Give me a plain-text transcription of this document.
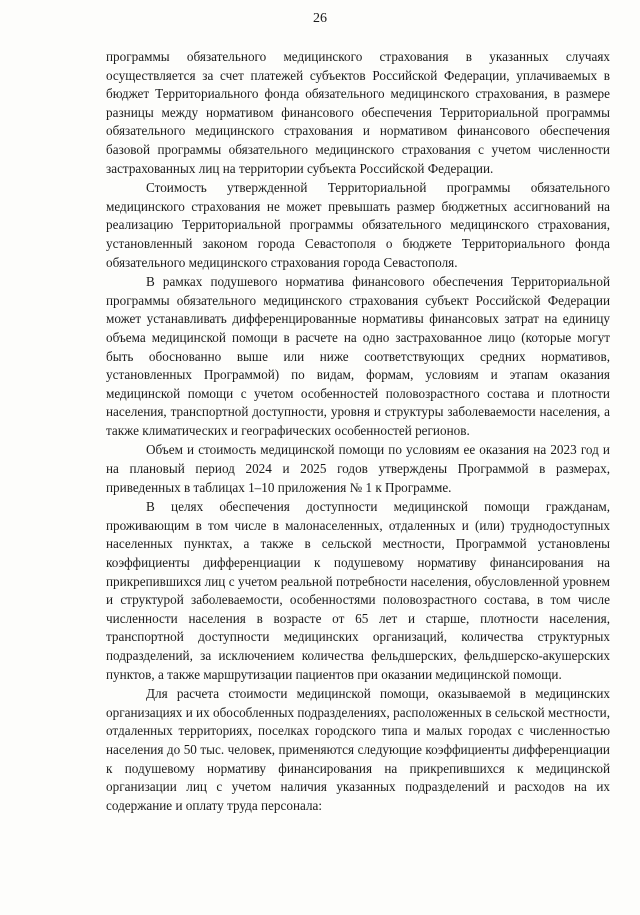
26

программы обязательного медицинского страхования в указанных случаях осуществляется за счет платежей субъектов Российской Федерации, уплачиваемых в бюджет Территориального фонда обязательного медицинского страхования, в размере разницы между нормативом финансового обеспечения Территориальной программы обязательного медицинского страхования и нормативом финансового обеспечения базовой программы обязательного медицинского страхования с учетом численности застрахованных лиц на территории субъекта Российской Федерации.

Стоимость утвержденной Территориальной программы обязательного медицинского страхования не может превышать размер бюджетных ассигнований на реализацию Территориальной программы обязательного медицинского страхования, установленный законом города Севастополя о бюджете Территориального фонда обязательного медицинского страхования города Севастополя.

В рамках подушевого норматива финансового обеспечения Территориальной программы обязательного медицинского страхования субъект Российской Федерации может устанавливать дифференцированные нормативы финансовых затрат на единицу объема медицинской помощи в расчете на одно застрахованное лицо (которые могут быть обоснованно выше или ниже соответствующих средних нормативов, установленных Программой) по видам, формам, условиям и этапам оказания медицинской помощи с учетом особенностей половозрастного состава и плотности населения, транспортной доступности, уровня и структуры заболеваемости населения, а также климатических и географических особенностей регионов.

Объем и стоимость медицинской помощи по условиям ее оказания на 2023 год и на плановый период 2024 и 2025 годов утверждены Программой в размерах, приведенных в таблицах 1–10 приложения № 1 к Программе.

В целях обеспечения доступности медицинской помощи гражданам, проживающим в том числе в малонаселенных, отдаленных и (или) труднодоступных населенных пунктах, а также в сельской местности, Программой установлены коэффициенты дифференциации к подушевому нормативу финансирования на прикрепившихся лиц с учетом реальной потребности населения, обусловленной уровнем и структурой заболеваемости, особенностями половозрастного состава, в том числе численности населения в возрасте от 65 лет и старше, плотности населения, транспортной доступности медицинских организаций, количества структурных подразделений, за исключением количества фельдшерских, фельдшерско-акушерских пунктов, а также маршрутизации пациентов при оказании медицинской помощи.

Для расчета стоимости медицинской помощи, оказываемой в медицинских организациях и их обособленных подразделениях, расположенных в сельской местности, отдаленных территориях, поселках городского типа и малых городах с численностью населения до 50 тыс. человек, применяются следующие коэффициенты дифференциации к подушевому нормативу финансирования на прикрепившихся к медицинской организации лиц с учетом наличия указанных подразделений и расходов на их содержание и оплату труда персонала:
